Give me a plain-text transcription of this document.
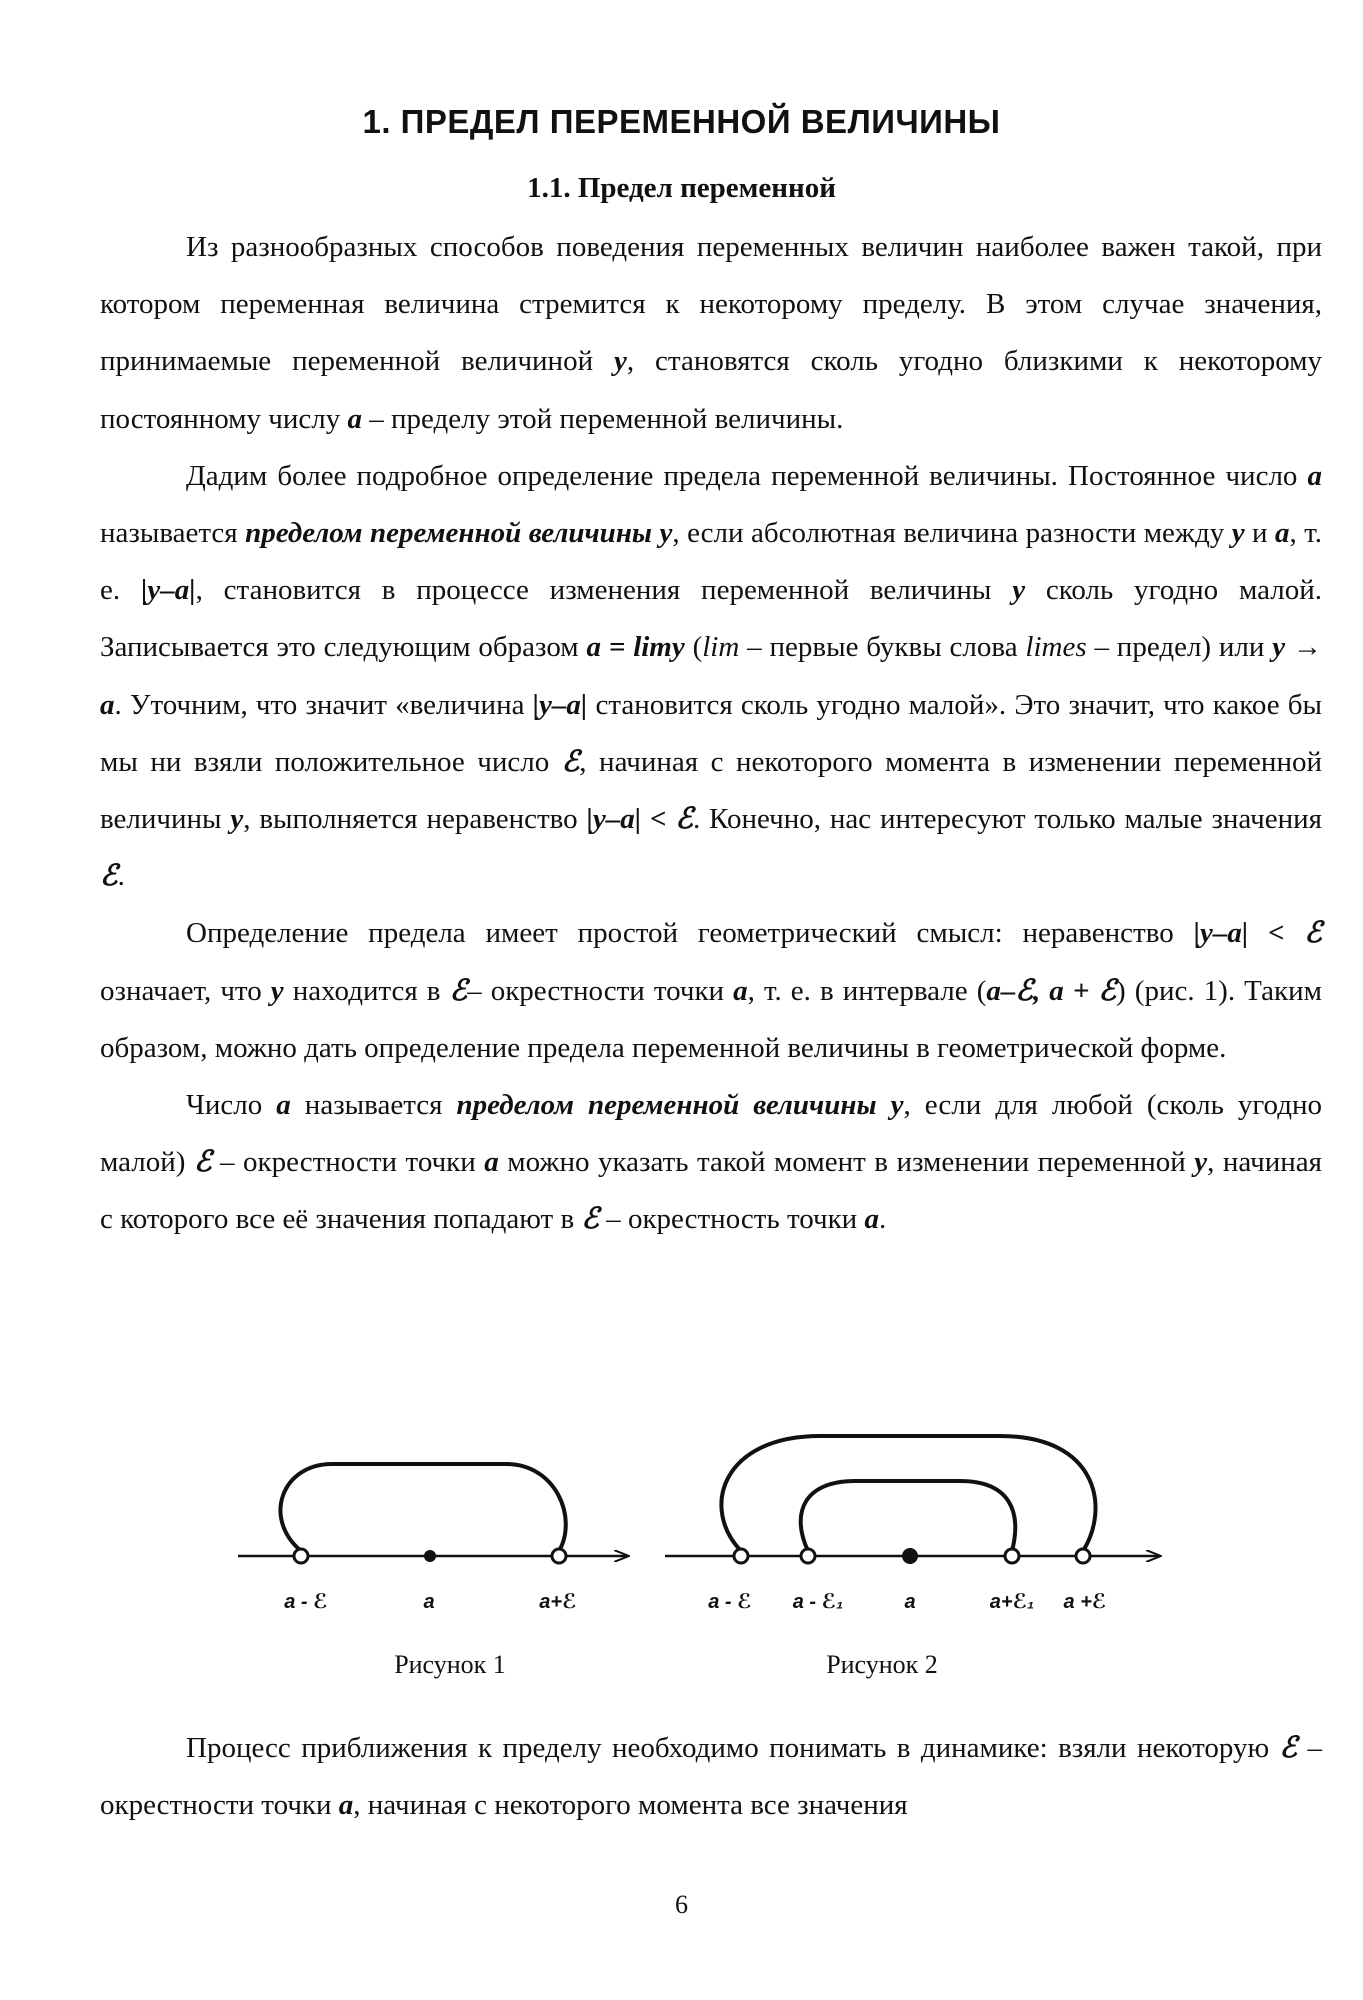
1. ПРЕДЕЛ ПЕРЕМЕННОЙ ВЕЛИЧИНЫ
1.1. Предел переменной

Из разнообразных способов поведения переменных величин наиболее важен такой, при котором переменная величина стремится к некоторому пределу. В этом случае значения, принимаемые переменной величиной y, становятся сколь угодно близкими к некоторому постоянному числу a – пределу этой переменной величины.

Дадим более подробное определение предела переменной величины. Постоянное число a называется пределом переменной величины y, если абсолютная величина разности между y и a, т. е. |y–a|, становится в процессе изменения переменной величины y сколь угодно малой. Записывается это следующим образом a = limy (lim – первые буквы слова limes – предел) или y → a. Уточним, что значит «величина |y–a| становится сколь угодно малой». Это значит, что какое бы мы ни взяли положительное число ℰ, начиная с некоторого момента в изменении переменной величины y, выполняется неравенство |y–a| < ℰ. Конечно, нас интересуют только малые значения ℰ.

Определение предела имеет простой геометрический смысл: неравенство |y–a| < ℰ означает, что y находится в ℰ– окрестности точки a, т. е. в интервале (a–ℰ, a + ℰ) (рис. 1). Таким образом, можно дать определение предела переменной величины в геометрической форме.

Число a называется пределом переменной величины y, если для любой (сколь угодно малой) ℰ – окрестности точки a можно указать такой момент в изменении переменной y, начиная с которого все её значения попадают в ℰ – окрестность точки a.

a - ℰ	a	a+ℰ
Рисунок 1
a - ℰ a - ℰ₁	a	a+ℰ₁ a +ℰ
Рисунок 2

Процесс приближения к пределу необходимо понимать в динамике: взяли некоторую ℰ – окрестности точки a, начиная с некоторого момента все значения

6
